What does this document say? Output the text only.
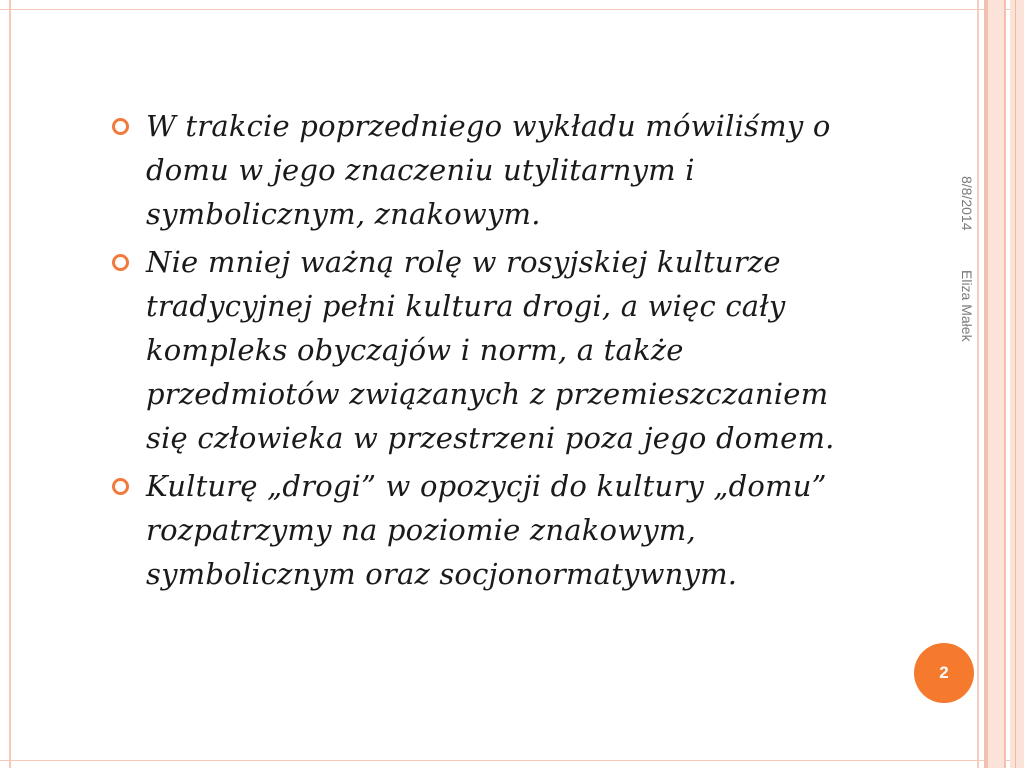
8/8/2014
Eliza Małek
W trakcie poprzedniego wykładu mówiliśmy o
domu w jego znaczeniu utylitarnym i
symbolicznym, znakowym.
Nie mniej ważną rolę w rosyjskiej kulturze
tradycyjnej pełni kultura drogi, a więc cały
kompleks obyczajów i norm, a także
przedmiotów związanych z przemieszczaniem
się człowieka w przestrzeni poza jego domem.
Kulturę „drogi” w opozycji do kultury „domu”
rozpatrzymy na poziomie znakowym,
symbolicznym oraz socjonormatywnym.
2
